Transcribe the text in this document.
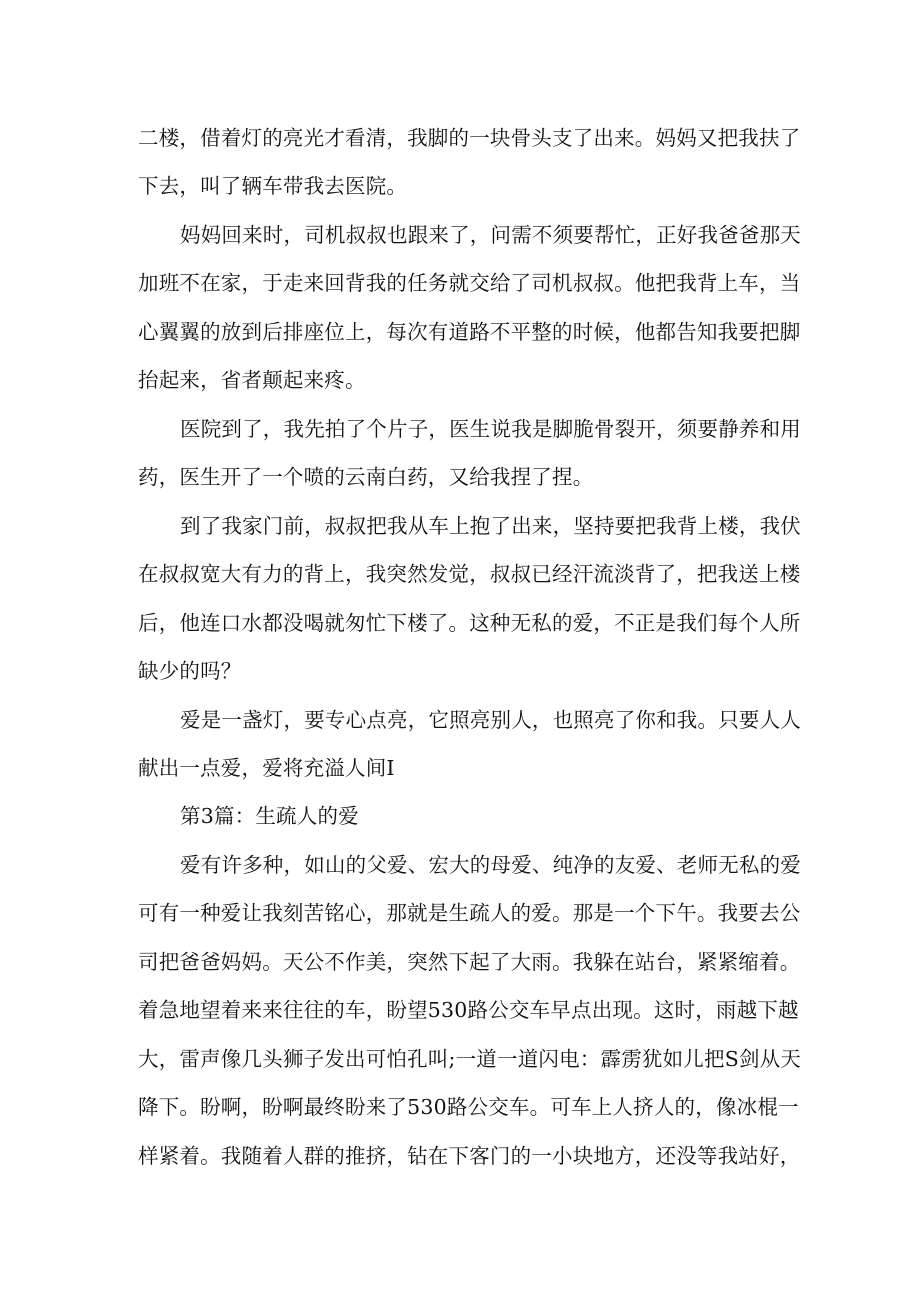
二楼，借着灯的亮光才看清，我脚的一块骨头支了出来。妈妈又把我扶了
下去，叫了辆车带我去医院。
妈妈回来时，司机叔叔也跟来了，问需不须要帮忙，正好我爸爸那天
加班不在家，于走来回背我的任务就交给了司机叔叔。他把我背上车，当
心翼翼的放到后排座位上，每次有道路不平整的时候，他都告知我要把脚
抬起来，省者颠起来疼。
医院到了，我先拍了个片子，医生说我是脚脆骨裂开，须要静养和用
药，医生开了一个喷的云南白药，又给我捏了捏。
到了我家门前，叔叔把我从车上抱了出来，坚持要把我背上楼，我伏
在叔叔宽大有力的背上，我突然发觉，叔叔已经汗流淡背了，把我送上楼
后，他连口水都没喝就匆忙下楼了。这种无私的爱，不正是我们每个人所
缺少的吗？
爱是一盏灯，要专心点亮，它照亮别人，也照亮了你和我。只要人人
献出一点爱，爱将充溢人间I
第3篇：生疏人的爱
爱有许多种，如山的父爱、宏大的母爱、纯净的友爱、老师无私的爱
可有一种爱让我刻苦铭心，那就是生疏人的爱。那是一个下午。我要去公
司把爸爸妈妈。天公不作美，突然下起了大雨。我躲在站台，紧紧缩着。
着急地望着来来往往的车，盼望530路公交车早点出现。这时，雨越下越
大，雷声像几头狮子发出可怕孔叫;一道一道闪电：霹雳犹如儿把S剑从天
降下。盼啊，盼啊最终盼来了530路公交车。可车上人挤人的，像冰棍一
样紧着。我随着人群的推挤，钻在下客门的一小块地方，还没等我站好，
